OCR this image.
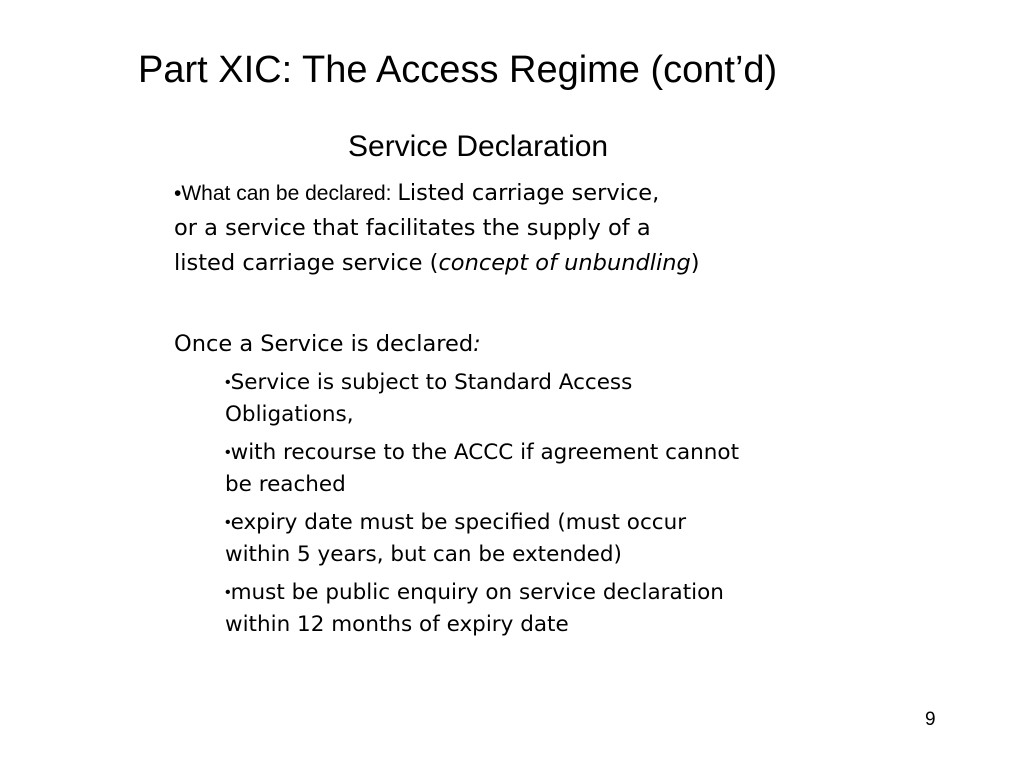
Part XIC: The Access Regime (cont’d)
Service Declaration
•What can be declared: Listed carriage service,
or a service that facilitates the supply of a
listed carriage service (concept of unbundling)

Once a Service is declared:

•Service is subject to Standard Access
Obligations,
•with recourse to the ACCC if agreement cannot
be reached
•expiry date must be specified (must occur
within 5 years, but can be extended)
•must be public enquiry on service declaration
within 12 months of expiry date
9
